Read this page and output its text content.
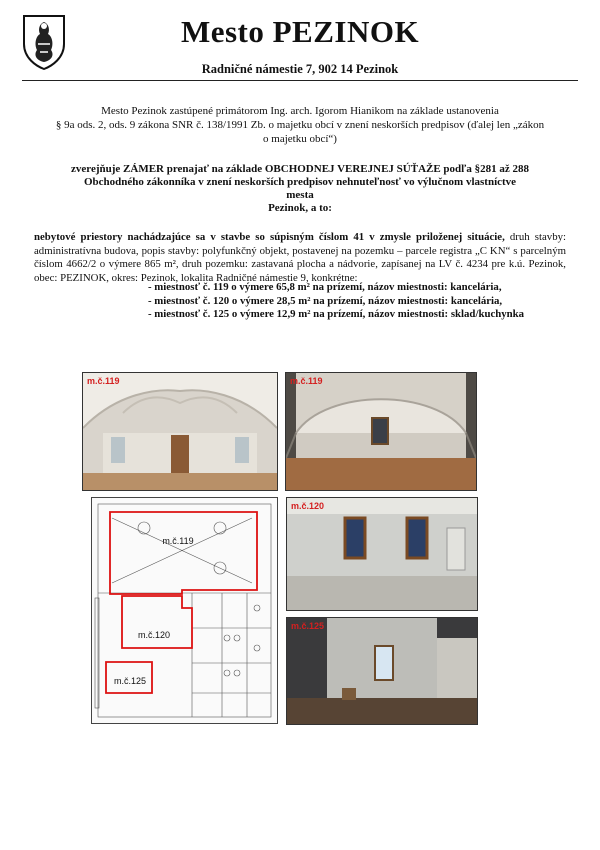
Mesto PEZINOK
Radničné námestie 7, 902 14 Pezinok
Mesto Pezinok zastúpené primátorom Ing. arch. Igorom Hianikom na základe ustanovenia
§ 9a ods. 2, ods. 9 zákona SNR č. 138/1991 Zb. o majetku obcí v znení neskorších predpisov (ďalej len „zákon
o majetku obcí“)
zverejňuje ZÁMER prenajať na základe OBCHODNEJ VEREJNEJ SÚŤAŽE podľa §281 až 288
Obchodného zákonníka v znení neskorších predpisov nehnuteľnosť vo výlučnom vlastníctve mesta
Pezinok, a to:
nebytové priestory nachádzajúce sa v stavbe so súpisným číslom 41 v zmysle priloženej situácie, druh stavby: administratívna budova, popis stavby: polyfunkčný objekt, postavenej na pozemku – parcele registra „C KN“ s parcelným číslom 4662/2 o výmere 865 m², druh pozemku: zastavaná plocha a nádvorie, zapísanej na LV č. 4234 pre k.ú. Pezinok, obec: PEZINOK, okres: Pezinok, lokalita Radničné námestie 9, konkrétne:
- miestnosť č. 119 o výmere 65,8 m² na prízemí, názov miestnosti: kancelária,
- miestnosť č. 120 o výmere 28,5 m² na prízemí, názov miestnosti: kancelária,
- miestnosť č. 125 o výmere 12,9 m² na prízemí, názov miestnosti: sklad/kuchynka
m.č.119	m.č.119
m.č.119
m.č.120
m.č.125
m.č.120
m.č.125
